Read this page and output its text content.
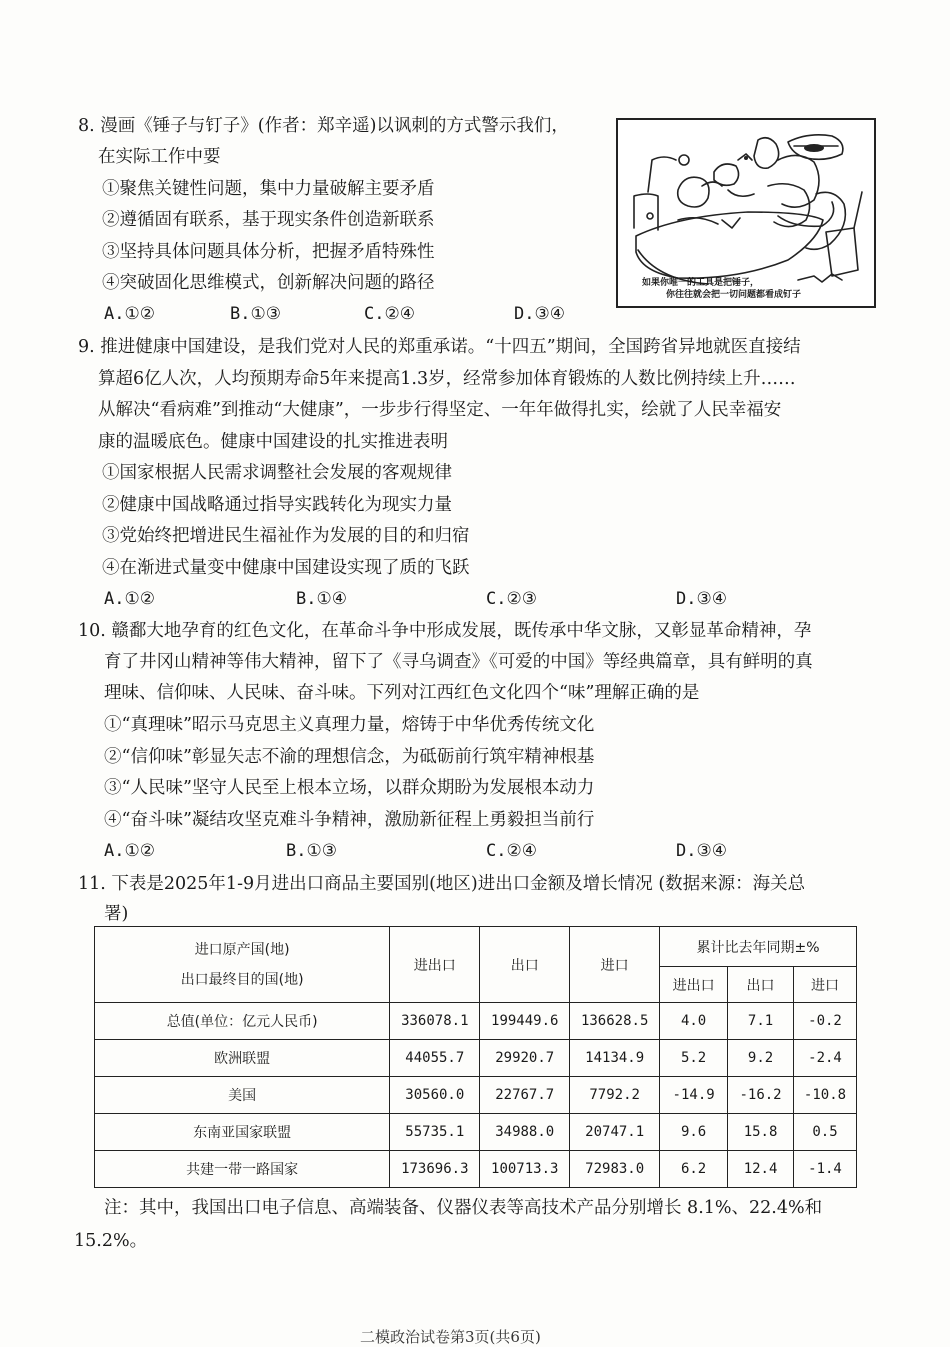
8. 漫画《锤子与钉子》(作者：郑辛遥)以讽刺的方式警示我们，
在实际工作中要
①聚焦关键性问题，集中力量破解主要矛盾
②遵循固有联系，基于现实条件创造新联系
③坚持具体问题具体分析，把握矛盾特殊性
④突破固化思维模式，创新解决问题的路径
A.①②	B.①③	C.②④	D.③④
如果你唯一的工具是把锤子，
你往往就会把一切问题都看成钉子
9. 推进健康中国建设，是我们党对人民的郑重承诺。“十四五”期间，全国跨省异地就医直接结
算超6亿人次，人均预期寿命5年来提高1.3岁，经常参加体育锻炼的人数比例持续上升……
从解决“看病难”到推动“大健康”，一步步行得坚定、一年年做得扎实，绘就了人民幸福安
康的温暖底色。健康中国建设的扎实推进表明
①国家根据人民需求调整社会发展的客观规律
②健康中国战略通过指导实践转化为现实力量
③党始终把增进民生福祉作为发展的目的和归宿
④在渐进式量变中健康中国建设实现了质的飞跃
A.①②	B.①④	C.②③	D.③④
10. 赣鄱大地孕育的红色文化，在革命斗争中形成发展，既传承中华文脉，又彰显革命精神，孕
育了井冈山精神等伟大精神，留下了《寻乌调查》《可爱的中国》等经典篇章，具有鲜明的真
理味、信仰味、人民味、奋斗味。下列对江西红色文化四个“味”理解正确的是
①“真理味”昭示马克思主义真理力量，熔铸于中华优秀传统文化
②“信仰味”彰显矢志不渝的理想信念，为砥砺前行筑牢精神根基
③“人民味”坚守人民至上根本立场，以群众期盼为发展根本动力
④“奋斗味”凝结攻坚克难斗争精神，激励新征程上勇毅担当前行
A.①②	B.①③	C.②④	D.③④
11. 下表是2025年1-9月进出口商品主要国别(地区)进出口金额及增长情况 (数据来源：海关总
署)
进口原产国(地)
出口最终目的国(地)	进出口	出口	进口	累计比去年同期±%		
				进出口	出口	进口
总值(单位：亿元人民币)	336078.1	199449.6	136628.5	4.0	7.1	-0.2
欧洲联盟	44055.7	29920.7	14134.9	5.2	9.2	-2.4
美国	30560.0	22767.7	7792.2	-14.9	-16.2	-10.8
东南亚国家联盟	55735.1	34988.0	20747.1	9.6	15.8	0.5
共建一带一路国家	173696.3	100713.3	72983.0	6.2	12.4	-1.4
注：其中，我国出口电子信息、高端装备、仪器仪表等高技术产品分别增长 8.1%、22.4%和
15.2%。
二模政治试卷第3页(共6页)
